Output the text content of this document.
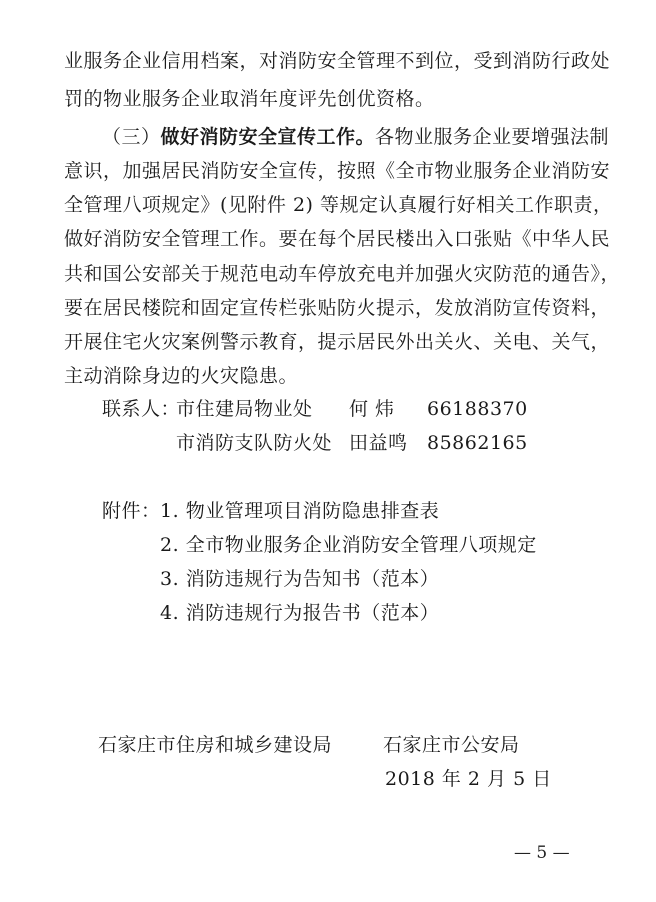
业服务企业信用档案，对消防安全管理不到位，受到消防行政处
罚的物业服务企业取消年度评先创优资格。
（三）做好消防安全宣传工作。各物业服务企业要增强法制
意识，加强居民消防安全宣传，按照《全市物业服务企业消防安
全管理八项规定》(见附件 2) 等规定认真履行好相关工作职责，
做好消防安全管理工作。要在每个居民楼出入口张贴《中华人民
共和国公安部关于规范电动车停放充电并加强火灾防范的通告》，
要在居民楼院和固定宣传栏张贴防火提示，发放消防宣传资料，
开展住宅火灾案例警示教育，提示居民外出关火、关电、关气，
主动消除身边的火灾隐患。
联系人：
市住建局物业处 何 炜 66188370
市消防支队防火处 田益鸣 85862165
附件： 1. 物业管理项目消防隐患排查表
2. 全市物业服务企业消防安全管理八项规定
3. 消防违规行为告知书（范本）
4. 消防违规行为报告书（范本）
石家庄市住房和城乡建设局	石家庄市公安局
2018 年 2 月 5 日
— 5 —
